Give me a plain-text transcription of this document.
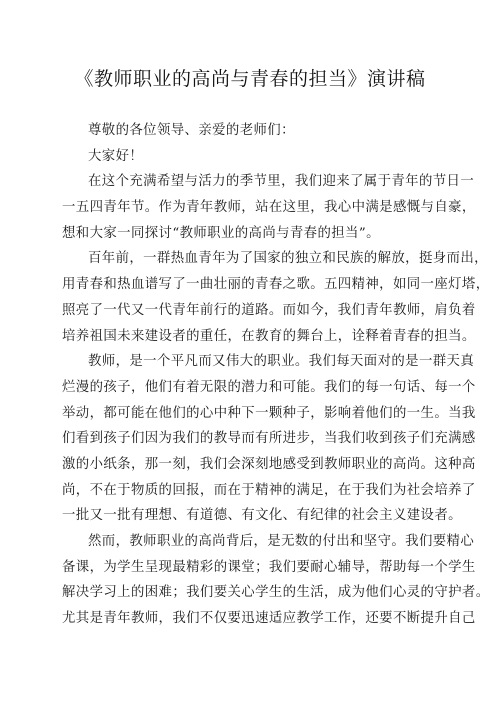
《教师职业的高尚与青春的担当》演讲稿
尊敬的各位领导、亲爱的老师们：
大家好！
在这个充满希望与活力的季节里，我们迎来了属于青年的节日一
一五四青年节。作为青年教师，站在这里，我心中满是感慨与自豪，
想和大家一同探讨“教师职业的高尚与青春的担当”。
百年前，一群热血青年为了国家的独立和民族的解放，挺身而出，
用青春和热血谱写了一曲壮丽的青春之歌。五四精神，如同一座灯塔，
照亮了一代又一代青年前行的道路。而如今，我们青年教师，肩负着
培养祖国未来建设者的重任，在教育的舞台上，诠释着青春的担当。
教师，是一个平凡而又伟大的职业。我们每天面对的是一群天真
烂漫的孩子，他们有着无限的潜力和可能。我们的每一句话、每一个
举动，都可能在他们的心中种下一颗种子，影响着他们的一生。当我
们看到孩子们因为我们的教导而有所进步，当我们收到孩子们充满感
激的小纸条，那一刻，我们会深刻地感受到教师职业的高尚。这种高
尚，不在于物质的回报，而在于精神的满足，在于我们为社会培养了
一批又一批有理想、有道德、有文化、有纪律的社会主义建设者。
然而，教师职业的高尚背后，是无数的付出和坚守。我们要精心
备课，为学生呈现最精彩的课堂；我们要耐心辅导，帮助每一个学生
解决学习上的困难；我们要关心学生的生活，成为他们心灵的守护者。
尤其是青年教师，我们不仅要迅速适应教学工作，还要不断提升自己
